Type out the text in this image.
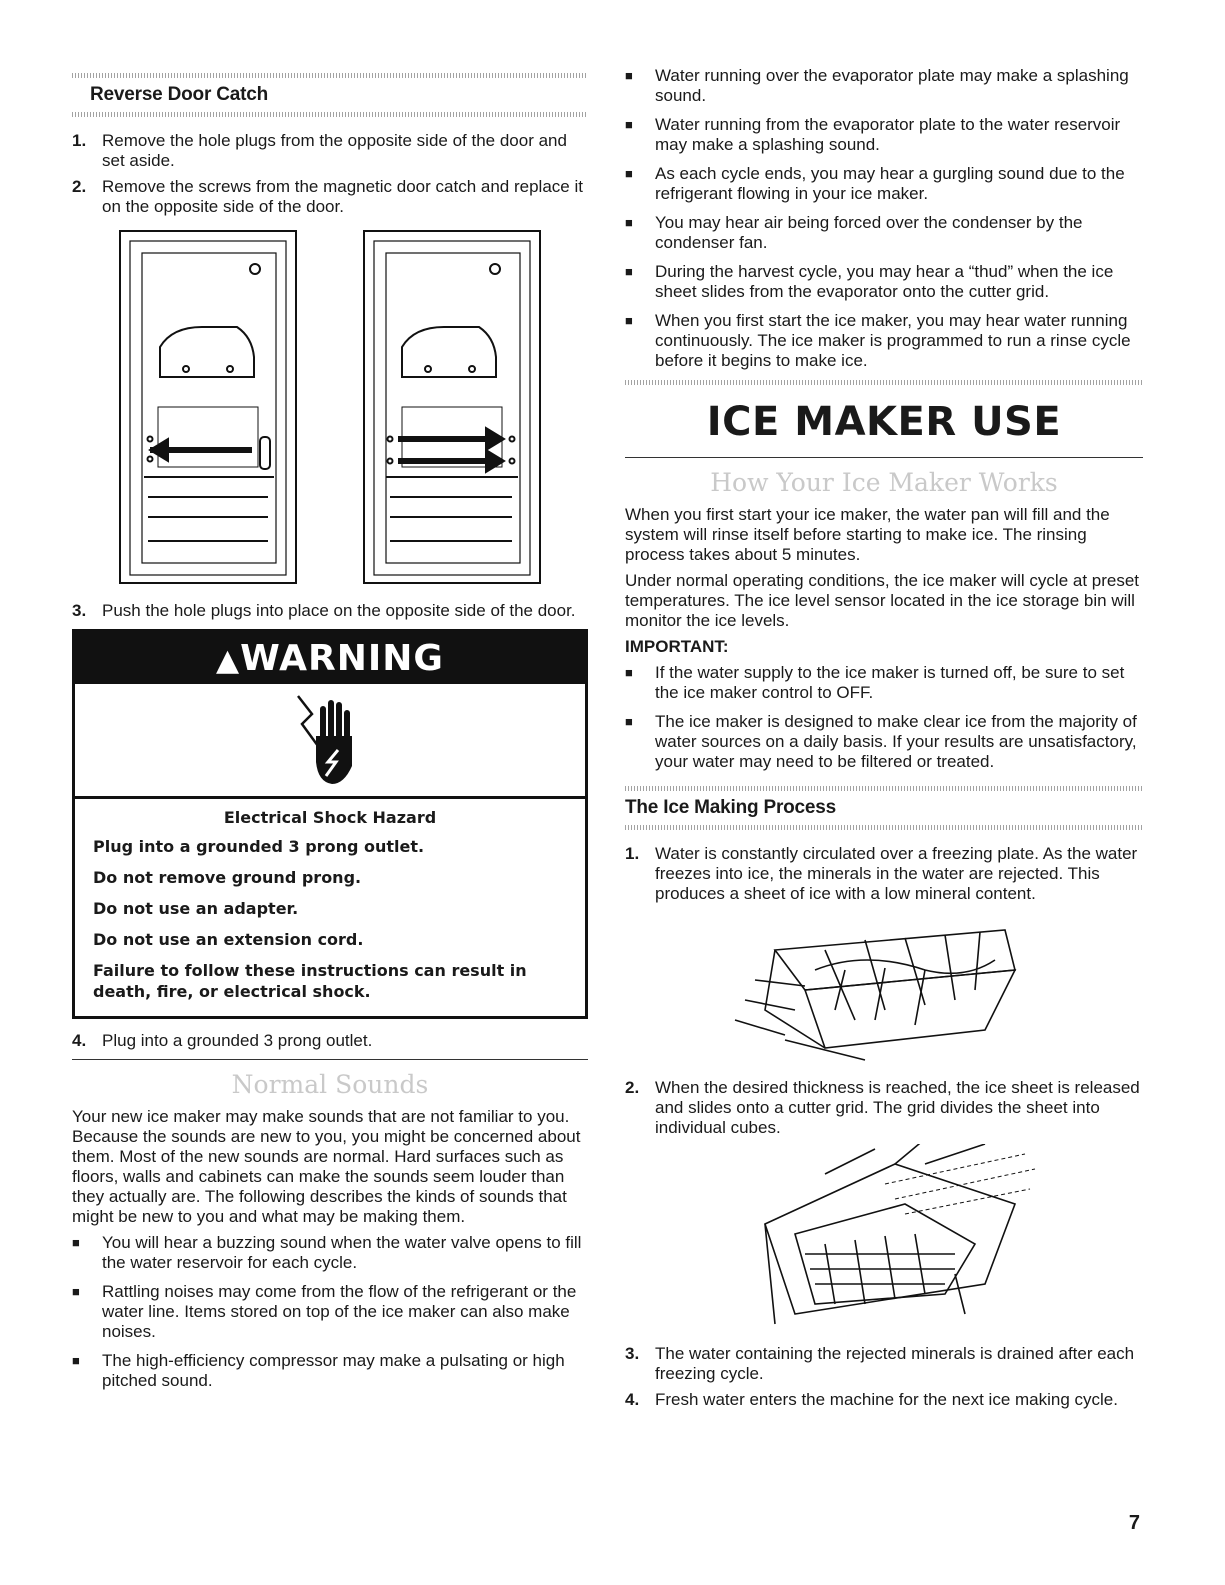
Reverse Door Catch
1. Remove the hole plugs from the opposite side of the door and set aside.
2. Remove the screws from the magnetic door catch and replace it on the opposite side of the door.
3. Push the hole plugs into place on the opposite side of the door.
▲WARNING
Electrical Shock Hazard
Plug into a grounded 3 prong outlet.
Do not remove ground prong.
Do not use an adapter.
Do not use an extension cord.
Failure to follow these instructions can result in death, fire, or electrical shock.
4. Plug into a grounded 3 prong outlet.
Normal Sounds

Your new ice maker may make sounds that are not familiar to you. Because the sounds are new to you, you might be concerned about them. Most of the new sounds are normal. Hard surfaces such as floors, walls and cabinets can make the sounds seem louder than they actually are. The following describes the kinds of sounds that might be new to you and what may be making them.

■	You will hear a buzzing sound when the water valve opens to fill the water reservoir for each cycle.
■	Rattling noises may come from the flow of the refrigerant or the water line. Items stored on top of the ice maker can also make noises.
■	The high-efficiency compressor may make a pulsating or high pitched sound.
■	Water running over the evaporator plate may make a splashing sound.
■	Water running from the evaporator plate to the water reservoir may make a splashing sound.
■	As each cycle ends, you may hear a gurgling sound due to the refrigerant flowing in your ice maker.
■	You may hear air being forced over the condenser by the condenser fan.
■	During the harvest cycle, you may hear a “thud” when the ice sheet slides from the evaporator onto the cutter grid.
■	When you first start the ice maker, you may hear water running continuously. The ice maker is programmed to run a rinse cycle before it begins to make ice.
ICE MAKER USE
How Your Ice Maker Works

When you first start your ice maker, the water pan will fill and the system will rinse itself before starting to make ice. The rinsing process takes about 5 minutes.

Under normal operating conditions, the ice maker will cycle at preset temperatures. The ice level sensor located in the ice storage bin will monitor the ice levels.

IMPORTANT:
■	If the water supply to the ice maker is turned off, be sure to set the ice maker control to OFF.
■	The ice maker is designed to make clear ice from the majority of water sources on a daily basis. If your results are unsatisfactory, your water may need to be filtered or treated.
The Ice Making Process
1. Water is constantly circulated over a freezing plate. As the water freezes into ice, the minerals in the water are rejected. This produces a sheet of ice with a low mineral content.
2. When the desired thickness is reached, the ice sheet is released and slides onto a cutter grid. The grid divides the sheet into individual cubes.
3. The water containing the rejected minerals is drained after each freezing cycle.
4. Fresh water enters the machine for the next ice making cycle.
7
